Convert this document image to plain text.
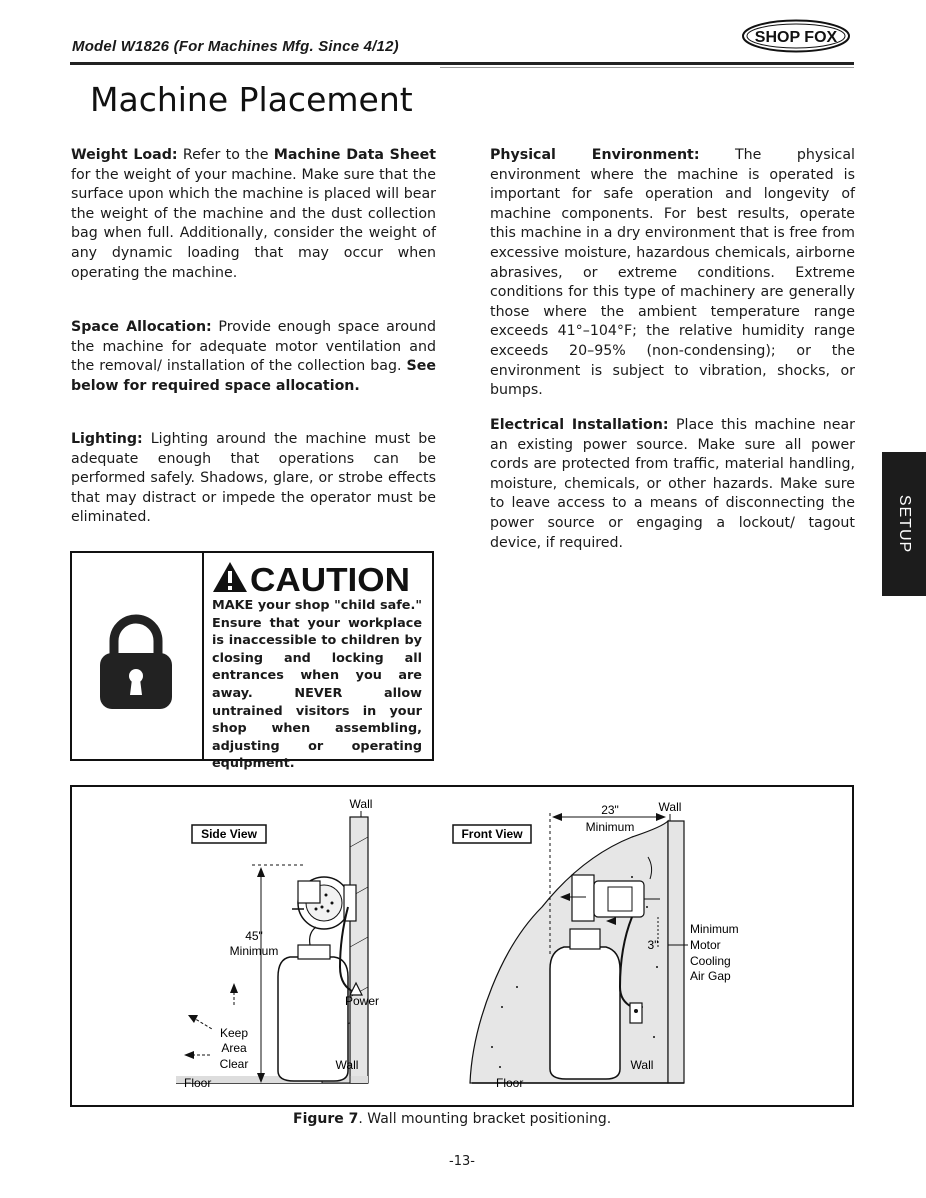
Model W1826 (For Machines Mfg. Since 4/12)
SHOP FOX
Machine Placement

Weight Load: Refer to the Machine Data Sheet for the weight of your machine. Make sure that the surface upon which the machine is placed will bear the weight of the machine and the dust collection bag when full. Additionally, consider the weight of any dynamic loading that may occur when operating the machine.

Space Allocation: Provide enough space around the machine for adequate motor ventilation and the removal/ installation of the collection bag. See below for required space allocation.

Lighting: Lighting around the machine must be adequate enough that operations can be performed safely. Shadows, glare, or strobe effects that may distract or impede the operator must be eliminated.

Physical Environment: The physical environment where the machine is operated is important for safe operation and longevity of machine components. For best results, operate this machine in a dry environment that is free from excessive moisture, hazardous chemicals, airborne abrasives, or extreme conditions. Extreme conditions for this type of machinery are generally those where the ambient temperature range exceeds 41°–104°F; the relative humidity range exceeds 20–95% (non-condensing); or the environment is subject to vibration, shocks, or bumps.

Electrical Installation: Place this machine near an existing power source. Make sure all power cords are protected from traffic, material handling, moisture, chemicals, or other hazards. Make sure to leave access to a means of disconnecting the power source or engaging a lockout/ tagout device, if required.

CAUTION

MAKE your shop "child safe." Ensure that your workplace is inaccessible to children by closing and locking all entrances when you are away. NEVER allow untrained visitors in your shop when assembling, adjusting or operating equipment.

Side View
Wall
Floor
45"
Minimum
Power
Keep
Area
Clear	Wall
Front View
Wall
Floor
23"
Minimum
3"
Minimum
Motor
Cooling
Air Gap
Wall
Figure 7. Wall mounting bracket positioning.
-13-
SETUP
